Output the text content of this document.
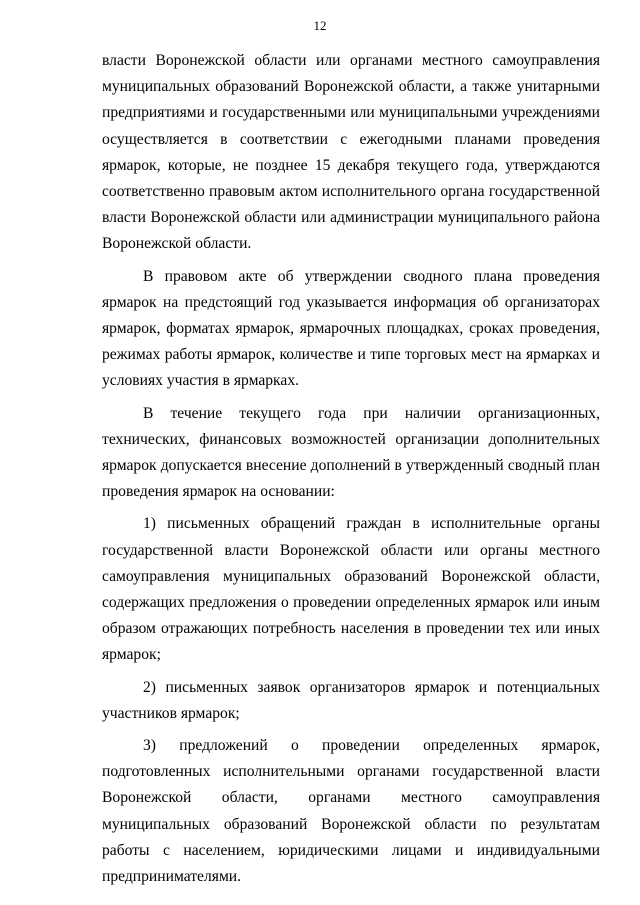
12

власти Воронежской области или органами местного самоуправления муниципальных образований Воронежской области, а также унитарными предприятиями и государственными или муниципальными учреждениями осуществляется в соответствии с ежегодными планами проведения ярмарок, которые, не позднее 15 декабря текущего года, утверждаются соответственно правовым актом исполнительного органа государственной власти Воронежской области или администрации муниципального района Воронежской области.

В правовом акте об утверждении сводного плана проведения ярмарок на предстоящий год указывается информация об организаторах ярмарок, форматах ярмарок, ярмарочных площадках, сроках проведения, режимах работы ярмарок, количестве и типе торговых мест на ярмарках и условиях участия в ярмарках.

В течение текущего года при наличии организационных, технических, финансовых возможностей организации дополнительных ярмарок допускается внесение дополнений в утвержденный сводный план проведения ярмарок на основании:

1) письменных обращений граждан в исполнительные органы государственной власти Воронежской области или органы местного самоуправления муниципальных образований Воронежской области, содержащих предложения о проведении определенных ярмарок или иным образом отражающих потребность населения в проведении тех или иных ярмарок;

2) письменных заявок организаторов ярмарок и потенциальных участников ярмарок;

3) предложений о проведении определенных ярмарок, подготовленных исполнительными органами государственной власти Воронежской области, органами местного самоуправления муниципальных образований Воронежской области по результатам работы с населением, юридическими лицами и индивидуальными предпринимателями.
